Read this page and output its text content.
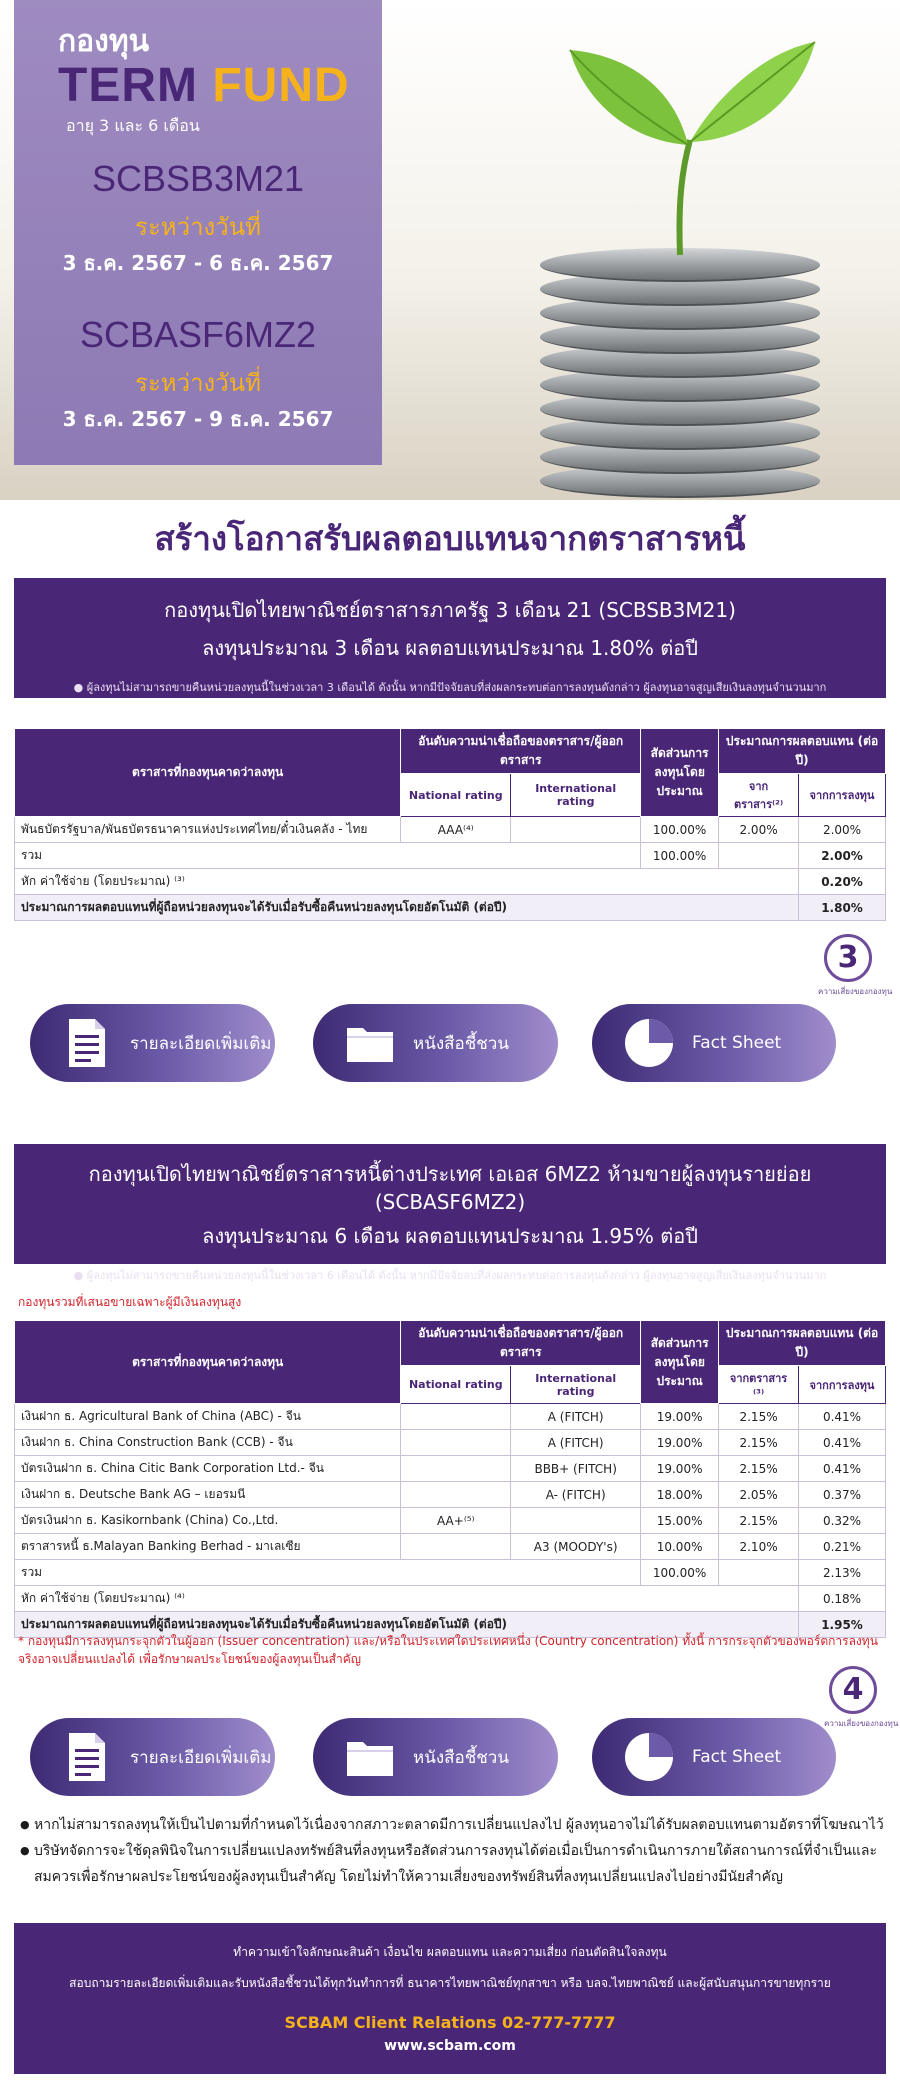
กองทุน
TERM FUND
อายุ 3 และ 6 เดือน
SCBSB3M21
ระหว่างวันที่
3 ธ.ค. 2567 - 6 ธ.ค. 2567
SCBASF6MZ2
ระหว่างวันที่
3 ธ.ค. 2567 - 9 ธ.ค. 2567
สร้างโอกาสรับผลตอบแทนจากตราสารหนี้
กองทุนเปิดไทยพาณิชย์ตราสารภาครัฐ 3 เดือน 21 (SCBSB3M21)
ลงทุนประมาณ 3 เดือน ผลตอบแทนประมาณ 1.80% ต่อปี
● ผู้ลงทุนไม่สามารถขายคืนหน่วยลงทุนนี้ในช่วงเวลา 3 เดือนได้ ดังนั้น หากมีปัจจัยลบที่ส่งผลกระทบต่อการลงทุนดังกล่าว ผู้ลงทุนอาจสูญเสียเงินลงทุนจำนวนมาก
ตราสารที่กองทุนคาดว่าลงทุน	อันดับความน่าเชื่อถือของตราสาร/ผู้ออกตราสาร		สัดส่วนการลงทุนโดยประมาณ	ประมาณการผลตอบแทน (ต่อปี)	
	National rating	International rating		จากตราสาร⁽²⁾	จากการลงทุน
พันธบัตรรัฐบาล/พันธบัตรธนาคารแห่งประเทศไทย/ตั๋วเงินคลัง - ไทย	AAA⁽⁴⁾		100.00%	2.00%	2.00%
รวม			100.00%		2.00%
หัก ค่าใช้จ่าย (โดยประมาณ) ⁽³⁾					0.20%
ประมาณการผลตอบแทนที่ผู้ถือหน่วยลงทุนจะได้รับเมื่อรับซื้อคืนหน่วยลงทุนโดยอัตโนมัติ (ต่อปี)					1.80%
3
ความเสี่ยงของกองทุน
รายละเอียดเพิ่มเติม	หนังสือชี้ชวน	Fact Sheet
กองทุนเปิดไทยพาณิชย์ตราสารหนี้ต่างประเทศ เอเอส 6MZ2 ห้ามขายผู้ลงทุนรายย่อย (SCBASF6MZ2)
ลงทุนประมาณ 6 เดือน ผลตอบแทนประมาณ 1.95% ต่อปี
● ผู้ลงทุนไม่สามารถขายคืนหน่วยลงทุนนี้ในช่วงเวลา 6 เดือนได้ ดังนั้น หากมีปัจจัยลบที่ส่งผลกระทบต่อการลงทุนดังกล่าว ผู้ลงทุนอาจสูญเสียเงินลงทุนจำนวนมาก
กองทุนรวมที่เสนอขายเฉพาะผู้มีเงินลงทุนสูง
ตราสารที่กองทุนคาดว่าลงทุน	อันดับความน่าเชื่อถือของตราสาร/ผู้ออกตราสาร		สัดส่วนการลงทุนโดยประมาณ	ประมาณการผลตอบแทน (ต่อปี)	
	National rating	International rating		จากตราสาร ⁽³⁾	จากการลงทุน
เงินฝาก ธ. Agricultural Bank of China (ABC) - จีน		A (FITCH)	19.00%	2.15%	0.41%
เงินฝาก ธ. China Construction Bank (CCB) - จีน		A (FITCH)	19.00%	2.15%	0.41%
บัตรเงินฝาก ธ. China Citic Bank Corporation Ltd.- จีน		BBB+ (FITCH)	19.00%	2.15%	0.41%
เงินฝาก ธ. Deutsche Bank AG – เยอรมนี		A- (FITCH)	18.00%	2.05%	0.37%
บัตรเงินฝาก ธ. Kasikornbank (China) Co.,Ltd.	AA+⁽⁵⁾		15.00%	2.15%	0.32%
ตราสารหนี้ ธ.Malayan Banking Berhad - มาเลเซีย		A3 (MOODY's)	10.00%	2.10%	0.21%
รวม			100.00%		2.13%
หัก ค่าใช้จ่าย (โดยประมาณ) ⁽⁴⁾					0.18%
ประมาณการผลตอบแทนที่ผู้ถือหน่วยลงทุนจะได้รับเมื่อรับซื้อคืนหน่วยลงทุนโดยอัตโนมัติ (ต่อปี)					1.95%
* กองทุนมีการลงทุนกระจุกตัวในผู้ออก (Issuer concentration) และ/หรือในประเทศใดประเทศหนึ่ง (Country concentration) ทั้งนี้ การกระจุกตัวของพอร์ตการลงทุนจริงอาจเปลี่ยนแปลงได้ เพื่อรักษาผลประโยชน์ของผู้ลงทุนเป็นสำคัญ
4
ความเสี่ยงของกองทุน
รายละเอียดเพิ่มเติม	หนังสือชี้ชวน	Fact Sheet
● หากไม่สามารถลงทุนให้เป็นไปตามที่กำหนดไว้เนื่องจากสภาวะตลาดมีการเปลี่ยนแปลงไป ผู้ลงทุนอาจไม่ได้รับผลตอบแทนตามอัตราที่โฆษณาไว้
● บริษัทจัดการจะใช้ดุลพินิจในการเปลี่ยนแปลงทรัพย์สินที่ลงทุนหรือสัดส่วนการลงทุนได้ต่อเมื่อเป็นการดำเนินการภายใต้สถานการณ์ที่จำเป็นและสมควรเพื่อรักษาผลประโยชน์ของผู้ลงทุนเป็นสำคัญ โดยไม่ทำให้ความเสี่ยงของทรัพย์สินที่ลงทุนเปลี่ยนแปลงไปอย่างมีนัยสำคัญ
ทำความเข้าใจลักษณะสินค้า เงื่อนไข ผลตอบแทน และความเสี่ยง ก่อนตัดสินใจลงทุน
สอบถามรายละเอียดเพิ่มเติมและรับหนังสือชี้ชวนได้ทุกวันทำการที่ ธนาคารไทยพาณิชย์ทุกสาขา หรือ บลจ.ไทยพาณิชย์ และผู้สนับสนุนการขายทุกราย
SCBAM Client Relations 02-777-7777
www.scbam.com
